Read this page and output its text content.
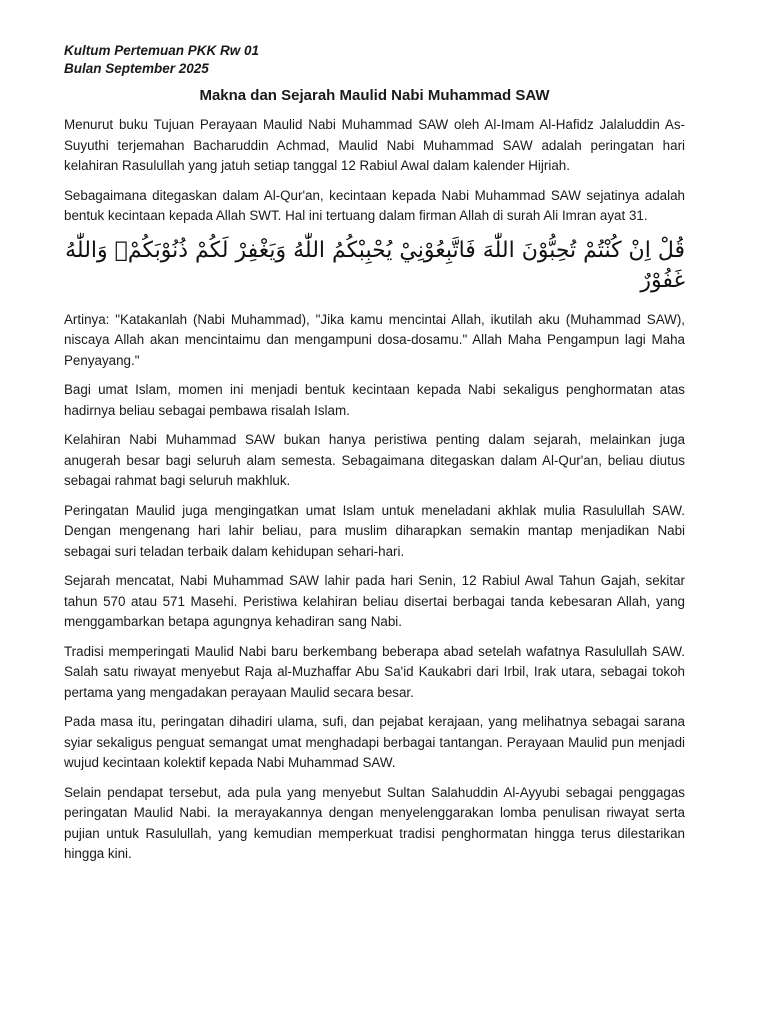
Kultum Pertemuan PKK Rw 01

Bulan September 2025

Makna dan Sejarah Maulid Nabi Muhammad SAW

Menurut buku Tujuan Perayaan Maulid Nabi Muhammad SAW oleh Al-Imam Al-Hafidz Jalaluddin As-Suyuthi terjemahan Bacharuddin Achmad, Maulid Nabi Muhammad SAW adalah peringatan hari kelahiran Rasulullah yang jatuh setiap tanggal 12 Rabiul Awal dalam kalender Hijriah.

Sebagaimana ditegaskan dalam Al-Qur'an, kecintaan kepada Nabi Muhammad SAW sejatinya adalah bentuk kecintaan kepada Allah SWT. Hal ini tertuang dalam firman Allah di surah Ali Imran ayat 31.

قُلْ اِنْ كُنْتُمْ تُحِبُّوْنَ اللّٰهَ فَاتَّبِعُوْنِيْ يُحْبِبْكُمُ اللّٰهُ وَيَغْفِرْ لَكُمْ ذُنُوْبَكُمْۗ وَاللّٰهُ غَفُوْرٌ

Artinya: "Katakanlah (Nabi Muhammad), "Jika kamu mencintai Allah, ikutilah aku (Muhammad SAW), niscaya Allah akan mencintaimu dan mengampuni dosa-dosamu." Allah Maha Pengampun lagi Maha Penyayang."

Bagi umat Islam, momen ini menjadi bentuk kecintaan kepada Nabi sekaligus penghormatan atas hadirnya beliau sebagai pembawa risalah Islam.

Kelahiran Nabi Muhammad SAW bukan hanya peristiwa penting dalam sejarah, melainkan juga anugerah besar bagi seluruh alam semesta. Sebagaimana ditegaskan dalam Al-Qur'an, beliau diutus sebagai rahmat bagi seluruh makhluk.

Peringatan Maulid juga mengingatkan umat Islam untuk meneladani akhlak mulia Rasulullah SAW. Dengan mengenang hari lahir beliau, para muslim diharapkan semakin mantap menjadikan Nabi sebagai suri teladan terbaik dalam kehidupan sehari-hari.

Sejarah mencatat, Nabi Muhammad SAW lahir pada hari Senin, 12 Rabiul Awal Tahun Gajah, sekitar tahun 570 atau 571 Masehi. Peristiwa kelahiran beliau disertai berbagai tanda kebesaran Allah, yang menggambarkan betapa agungnya kehadiran sang Nabi.

Tradisi memperingati Maulid Nabi baru berkembang beberapa abad setelah wafatnya Rasulullah SAW. Salah satu riwayat menyebut Raja al-Muzhaffar Abu Sa'id Kaukabri dari Irbil, Irak utara, sebagai tokoh pertama yang mengadakan perayaan Maulid secara besar.

Pada masa itu, peringatan dihadiri ulama, sufi, dan pejabat kerajaan, yang melihatnya sebagai sarana syiar sekaligus penguat semangat umat menghadapi berbagai tantangan. Perayaan Maulid pun menjadi wujud kecintaan kolektif kepada Nabi Muhammad SAW.

Selain pendapat tersebut, ada pula yang menyebut Sultan Salahuddin Al-Ayyubi sebagai penggagas peringatan Maulid Nabi. Ia merayakannya dengan menyelenggarakan lomba penulisan riwayat serta pujian untuk Rasulullah, yang kemudian memperkuat tradisi penghormatan hingga terus dilestarikan hingga kini.
